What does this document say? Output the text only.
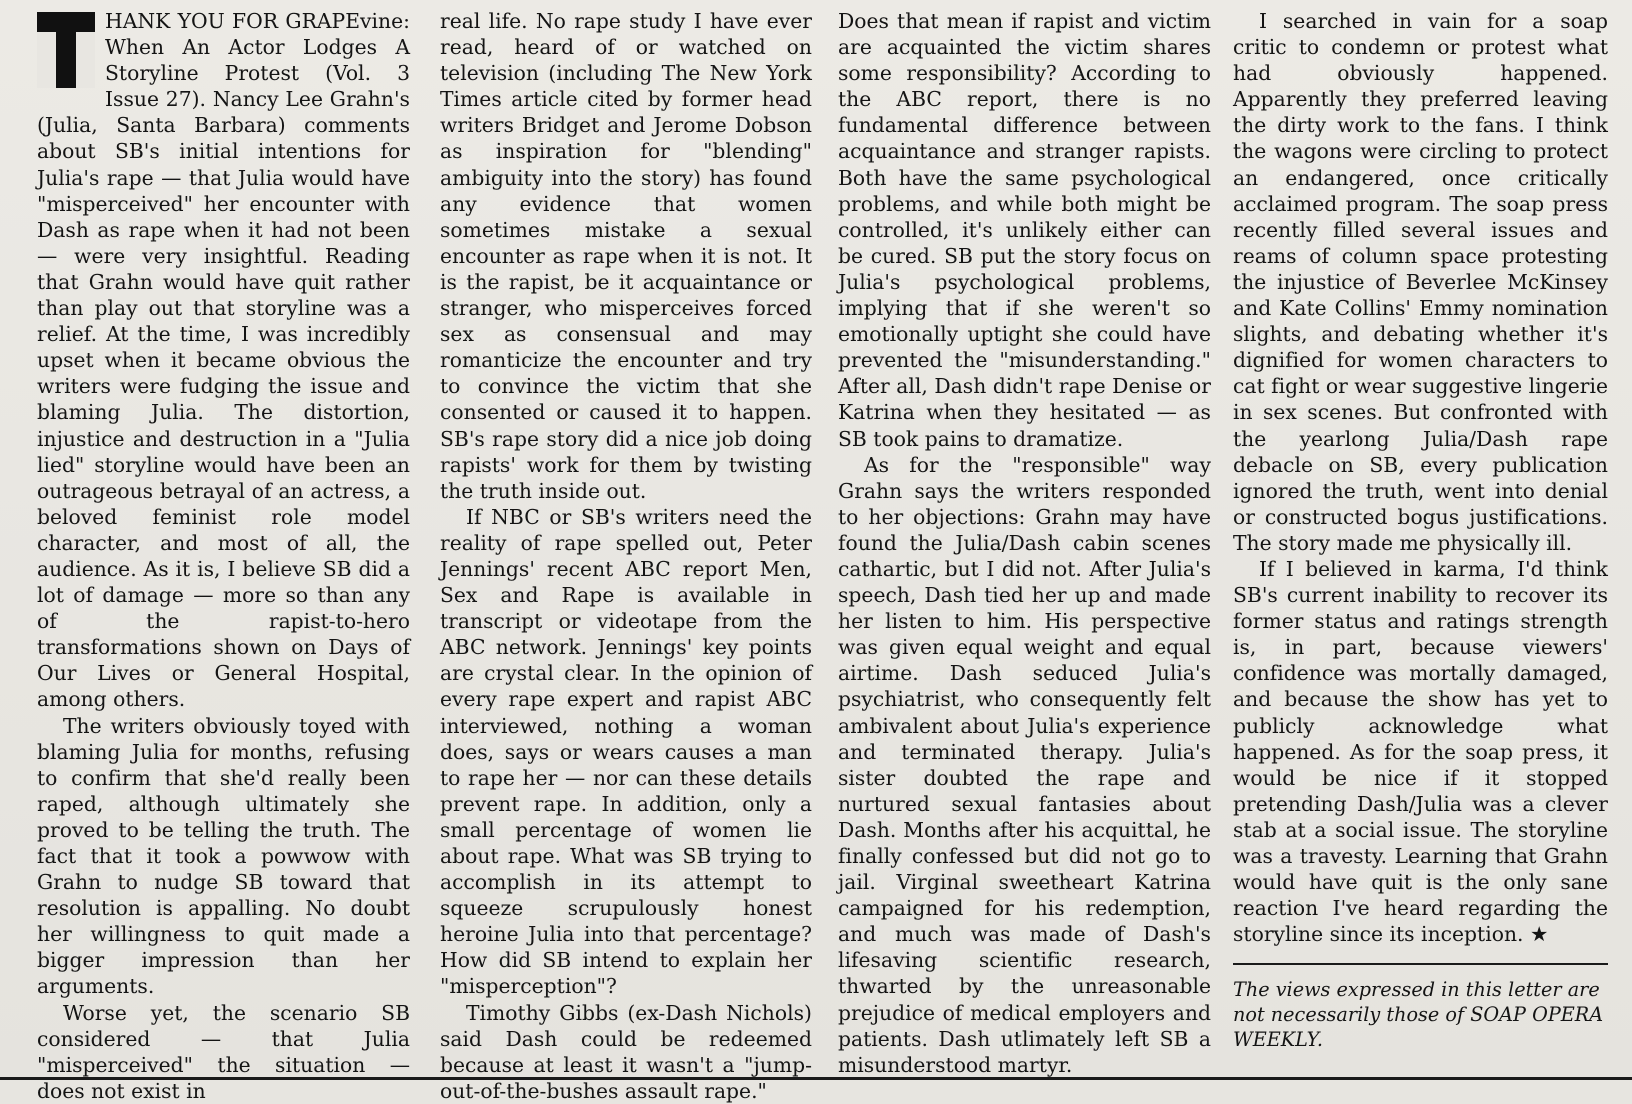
HANK YOU FOR GRAPEvine: When An Actor Lodges A Storyline Protest (Vol. 3 Issue 27). Nancy Lee Grahn's (Julia, Santa Barbara) comments about SB's initial intentions for Julia's rape — that Julia would have "misperceived" her encounter with Dash as rape when it had not been — were very insightful. Reading that Grahn would have quit rather than play out that storyline was a relief. At the time, I was incredibly upset when it became obvious the writers were fudging the issue and blaming Julia. The distortion, injustice and destruction in a "Julia lied" storyline would have been an outrageous betrayal of an actress, a beloved feminist role model character, and most of all, the audience. As it is, I believe SB did a lot of damage — more so than any of the rapist-to-hero transformations shown on Days of Our Lives or General Hospital, among others.

The writers obviously toyed with blaming Julia for months, refusing to confirm that she'd really been raped, although ultimately she proved to be telling the truth. The fact that it took a powwow with Grahn to nudge SB toward that resolution is appalling. No doubt her willingness to quit made a bigger impression than her arguments.

Worse yet, the scenario SB considered — that Julia "misperceived" the situation — does not exist in

real life. No rape study I have ever read, heard of or watched on television (including The New York Times article cited by former head writers Bridget and Jerome Dobson as inspiration for "blending" ambiguity into the story) has found any evidence that women sometimes mistake a sexual encounter as rape when it is not. It is the rapist, be it acquaintance or stranger, who misperceives forced sex as consensual and may romanticize the encounter and try to convince the victim that she consented or caused it to happen. SB's rape story did a nice job doing rapists' work for them by twisting the truth inside out.

If NBC or SB's writers need the reality of rape spelled out, Peter Jennings' recent ABC report Men, Sex and Rape is available in transcript or videotape from the ABC network. Jennings' key points are crystal clear. In the opinion of every rape expert and rapist ABC interviewed, nothing a woman does, says or wears causes a man to rape her — nor can these details prevent rape. In addition, only a small percentage of women lie about rape. What was SB trying to accomplish in its attempt to squeeze scrupulously honest heroine Julia into that percentage? How did SB intend to explain her "misperception"?

Timothy Gibbs (ex-Dash Nichols) said Dash could be redeemed because at least it wasn't a "jump-out-of-the-bushes assault rape."

Does that mean if rapist and victim are acquainted the victim shares some responsibility? According to the ABC report, there is no fundamental difference between acquaintance and stranger rapists. Both have the same psychological problems, and while both might be controlled, it's unlikely either can be cured. SB put the story focus on Julia's psychological problems, implying that if she weren't so emotionally uptight she could have prevented the "misunderstanding." After all, Dash didn't rape Denise or Katrina when they hesitated — as SB took pains to dramatize.

As for the "responsible" way Grahn says the writers responded to her objections: Grahn may have found the Julia/Dash cabin scenes cathartic, but I did not. After Julia's speech, Dash tied her up and made her listen to him. His perspective was given equal weight and equal airtime. Dash seduced Julia's psychiatrist, who consequently felt ambivalent about Julia's experience and terminated therapy. Julia's sister doubted the rape and nurtured sexual fantasies about Dash. Months after his acquittal, he finally confessed but did not go to jail. Virginal sweetheart Katrina campaigned for his redemption, and much was made of Dash's lifesaving scientific research, thwarted by the unreasonable prejudice of medical employers and patients. Dash utlimately left SB a misunderstood martyr.

I searched in vain for a soap critic to condemn or protest what had obviously happened. Apparently they preferred leaving the dirty work to the fans. I think the wagons were circling to protect an endangered, once critically acclaimed program. The soap press recently filled several issues and reams of column space protesting the injustice of Beverlee McKinsey and Kate Collins' Emmy nomination slights, and debating whether it's dignified for women characters to cat fight or wear suggestive lingerie in sex scenes. But confronted with the yearlong Julia/Dash rape debacle on SB, every publication ignored the truth, went into denial or constructed bogus justifications. The story made me physically ill.

If I believed in karma, I'd think SB's current inability to recover its former status and ratings strength is, in part, because viewers' confidence was mortally damaged, and because the show has yet to publicly acknowledge what happened. As for the soap press, it would be nice if it stopped pretending Dash/Julia was a clever stab at a social issue. The storyline was a travesty. Learning that Grahn would have quit is the only sane reaction I've heard regarding the storyline since its inception. ★

The views expressed in this letter are not necessarily those of SOAP OPERA WEEKLY.
